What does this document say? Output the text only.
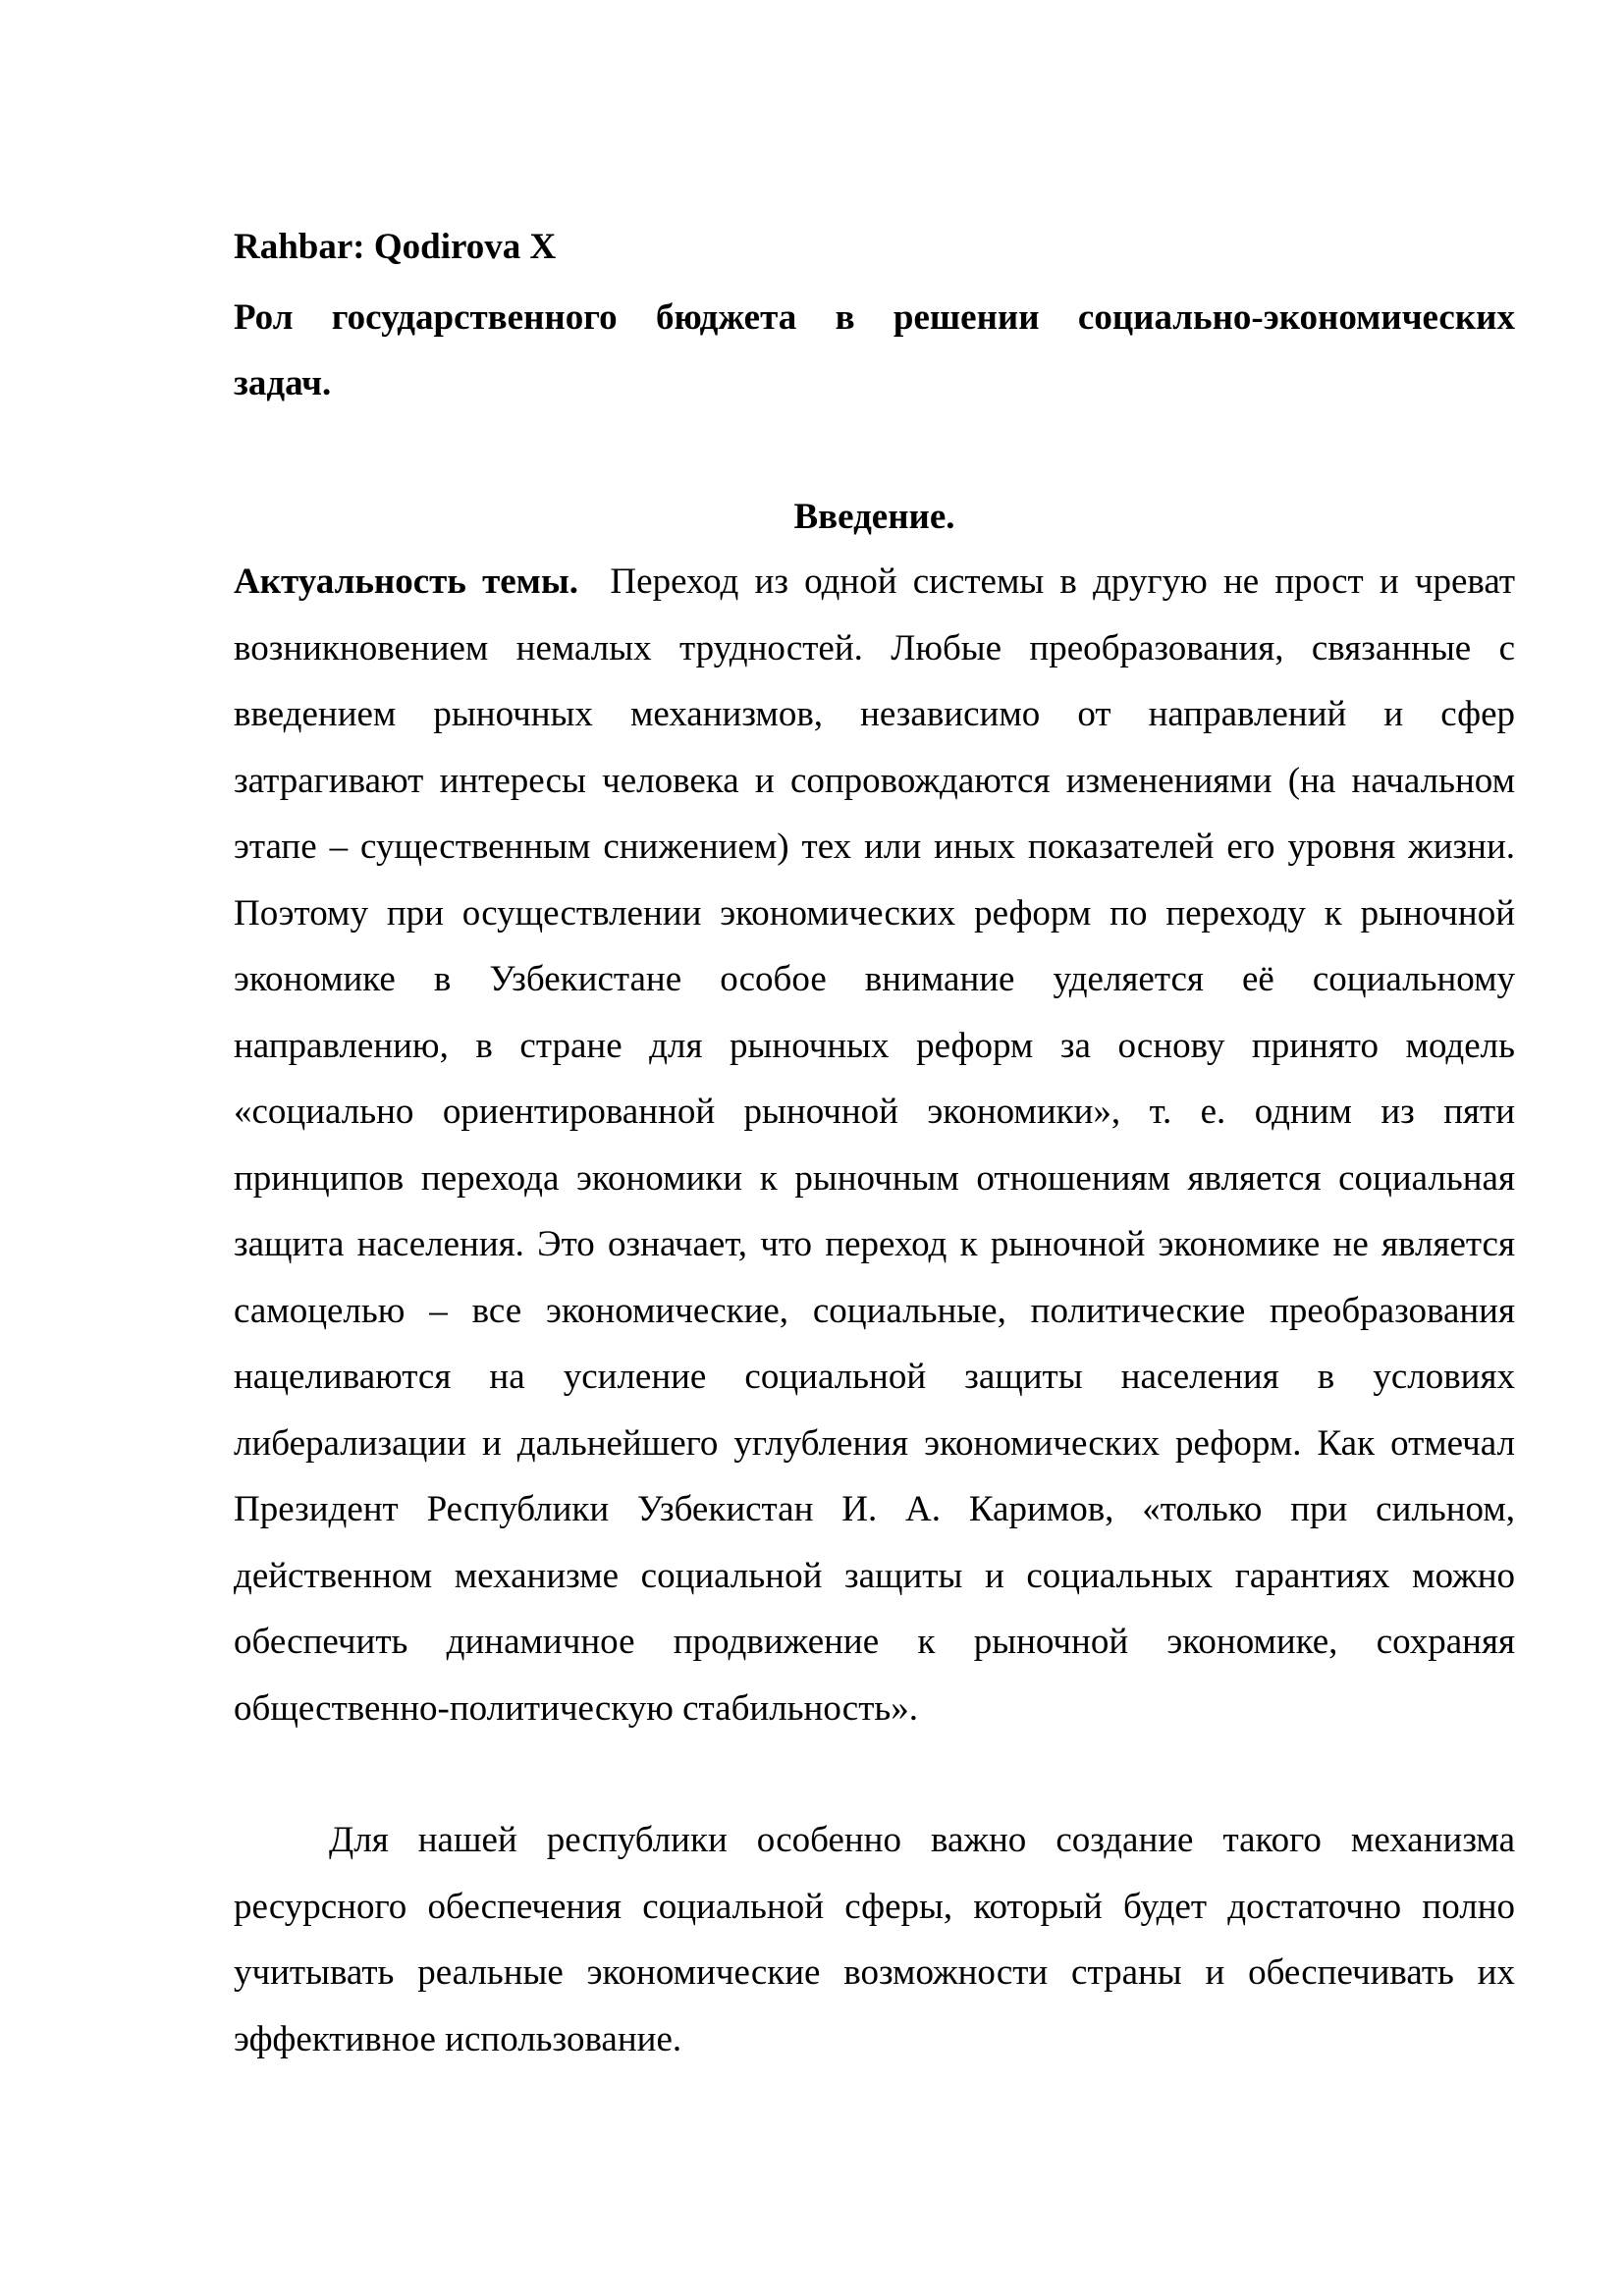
Rahbar: Qodirova X
Рол государственного бюджета в решении социально-экономических задач.
Введение.
Актуальность темы. Переход из одной системы в другую не прост и чреват возникновением немалых трудностей. Любые преобразования, связанные с введением рыночных механизмов, независимо от направлений и сфер затрагивают интересы человека и сопровождаются изменениями (на начальном этапе – существенным снижением) тех или иных показателей его уровня жизни. Поэтому при осуществлении экономических реформ по переходу к рыночной экономике в Узбекистане особое внимание уделяется её социальному направлению, в стране для рыночных реформ за основу принято модель «социально ориентированной рыночной экономики», т. е. одним из пяти принципов перехода экономики к рыночным отношениям является социальная защита населения. Это означает, что переход к рыночной экономике не является самоцелью – все экономические, социальные, политические преобразования нацеливаются на усиление социальной защиты населения в условиях либерализации и дальнейшего углубления экономических реформ. Как отмечал Президент Республики Узбекистан И. А. Каримов, «только при сильном, действенном механизме социальной защиты и социальных гарантиях можно обеспечить динамичное продвижение к рыночной экономике, сохраняя общественно-политическую стабильность».
Для нашей республики особенно важно создание такого механизма ресурсного обеспечения социальной сферы, который будет достаточно полно учитывать реальные экономические возможности страны и обеспечивать их эффективное использование.
